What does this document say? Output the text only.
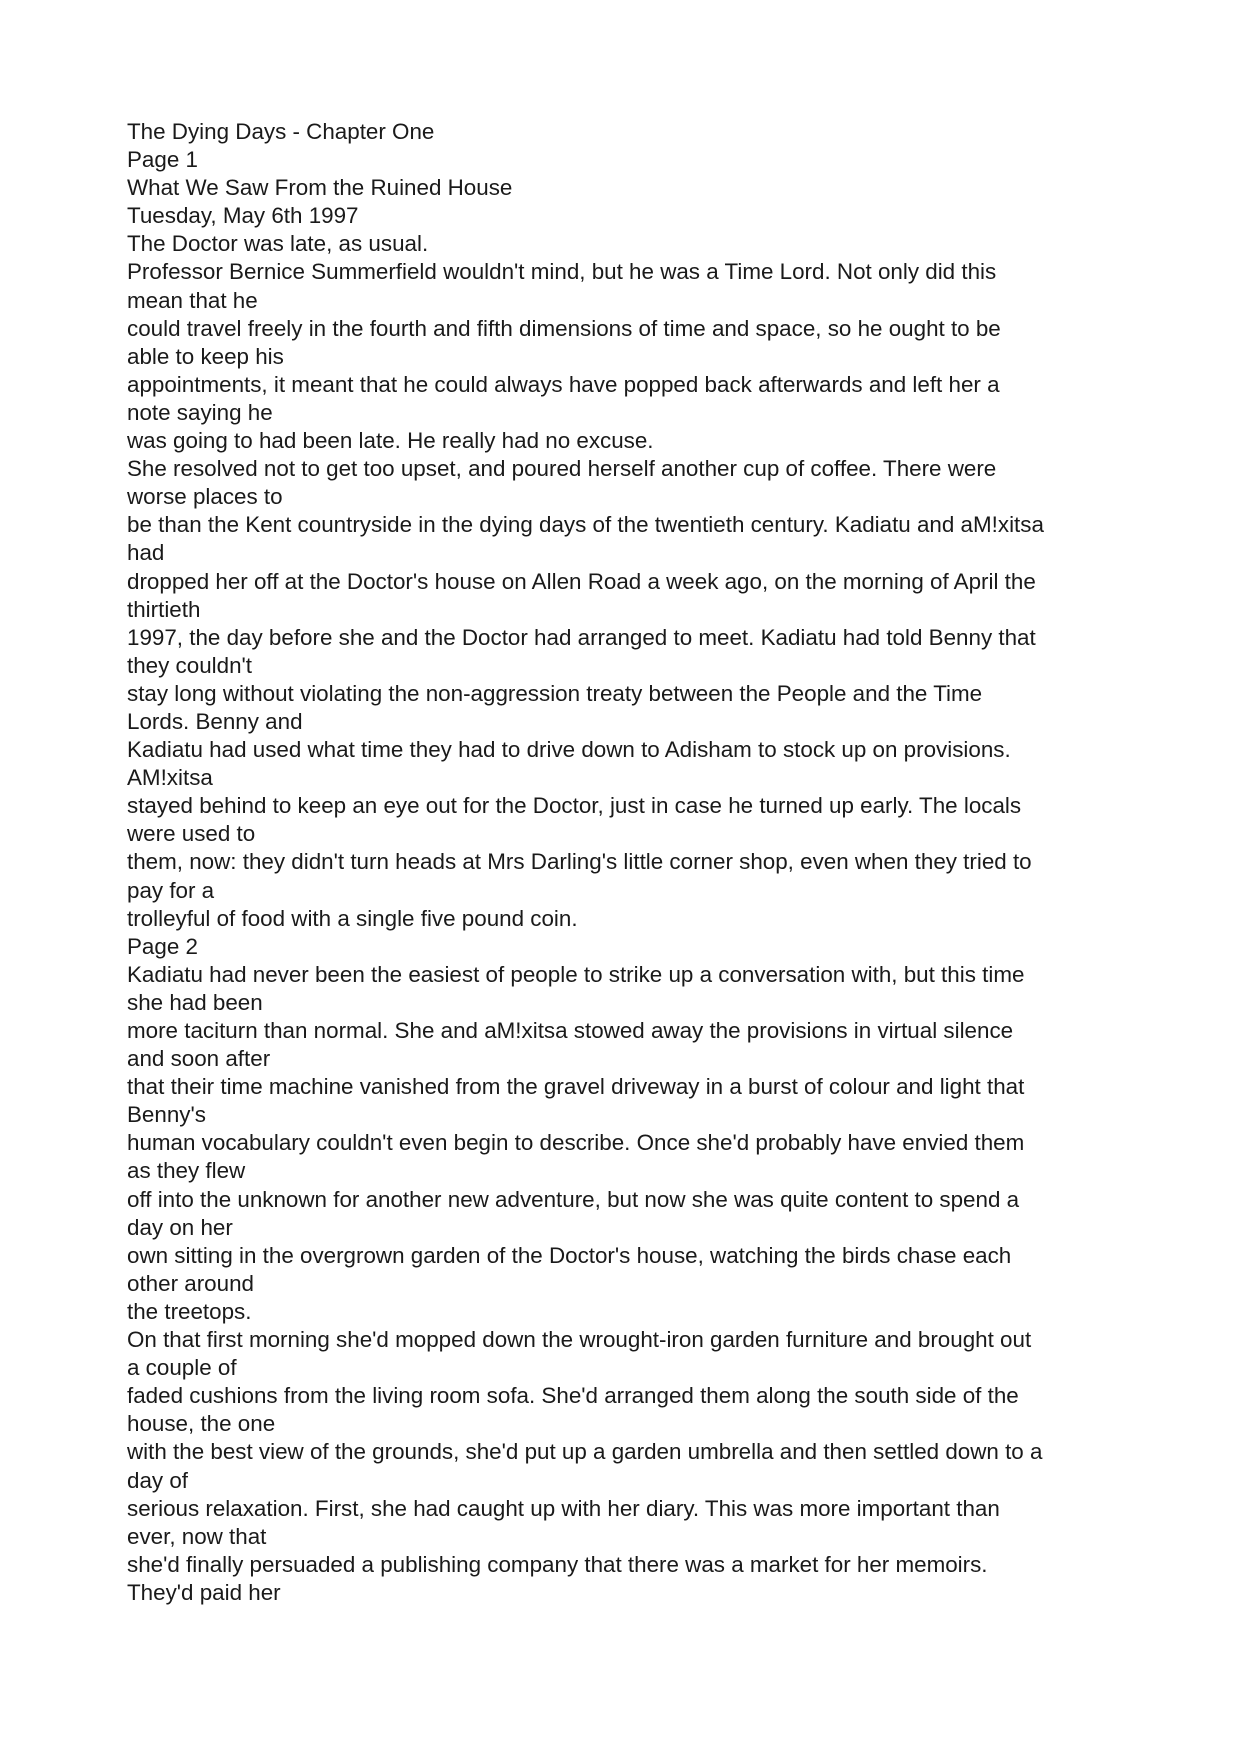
The Dying Days - Chapter One
Page 1
What We Saw From the Ruined House
Tuesday, May 6th 1997
The Doctor was late, as usual.
Professor Bernice Summerfield wouldn't mind, but he was a Time Lord. Not only did this
mean that he
could travel freely in the fourth and fifth dimensions of time and space, so he ought to be
able to keep his
appointments, it meant that he could always have popped back afterwards and left her a
note saying he
was going to had been late. He really had no excuse.
She resolved not to get too upset, and poured herself another cup of coffee. There were
worse places to
be than the Kent countryside in the dying days of the twentieth century. Kadiatu and aM!xitsa
had
dropped her off at the Doctor's house on Allen Road a week ago, on the morning of April the
thirtieth
1997, the day before she and the Doctor had arranged to meet. Kadiatu had told Benny that
they couldn't
stay long without violating the non-aggression treaty between the People and the Time
Lords. Benny and
Kadiatu had used what time they had to drive down to Adisham to stock up on provisions.
AM!xitsa
stayed behind to keep an eye out for the Doctor, just in case he turned up early. The locals
were used to
them, now: they didn't turn heads at Mrs Darling's little corner shop, even when they tried to
pay for a
trolleyful of food with a single five pound coin.
Page 2
Kadiatu had never been the easiest of people to strike up a conversation with, but this time
she had been
more taciturn than normal. She and aM!xitsa stowed away the provisions in virtual silence
and soon after
that their time machine vanished from the gravel driveway in a burst of colour and light that
Benny's
human vocabulary couldn't even begin to describe. Once she'd probably have envied them
as they flew
off into the unknown for another new adventure, but now she was quite content to spend a
day on her
own sitting in the overgrown garden of the Doctor's house, watching the birds chase each
other around
the treetops.
On that first morning she'd mopped down the wrought-iron garden furniture and brought out
a couple of
faded cushions from the living room sofa. She'd arranged them along the south side of the
house, the one
with the best view of the grounds, she'd put up a garden umbrella and then settled down to a
day of
serious relaxation. First, she had caught up with her diary. This was more important than
ever, now that
she'd finally persuaded a publishing company that there was a market for her memoirs.
They'd paid her
